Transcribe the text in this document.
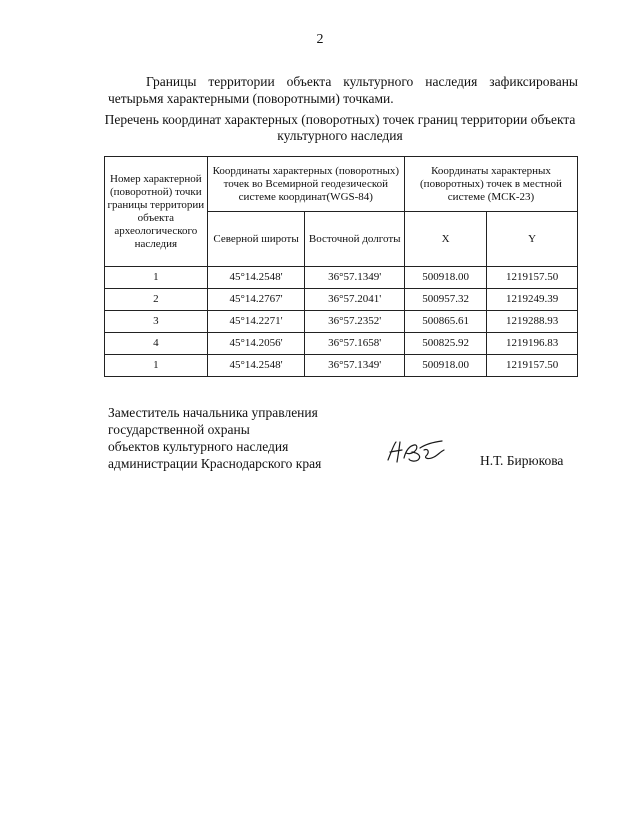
2

Границы территории объекта культурного наследия зафиксированы четырьмя характерными (поворотными) точками.

Перечень координат характерных (поворотных) точек границ территории объекта культурного наследия

Номер характерной (поворотной) точки границы территории объекта археологического наследия	Координаты характерных (поворотных) точек во Всемирной геодезической системе координат(WGS-84)		Координаты характерных (поворотных) точек в местной системе (МСК-23)	
	Северной широты	Восточной долготы	X	Y
1	45°14.2548'	36°57.1349'	500918.00	1219157.50
2	45°14.2767'	36°57.2041'	500957.32	1219249.39
3	45°14.2271'	36°57.2352'	500865.61	1219288.93
4	45°14.2056'	36°57.1658'	500825.92	1219196.83
1	45°14.2548'	36°57.1349'	500918.00	1219157.50
Заместитель начальника управления
государственной охраны
объектов культурного наследия
администрации Краснодарского края	Н.Т. Бирюкова
